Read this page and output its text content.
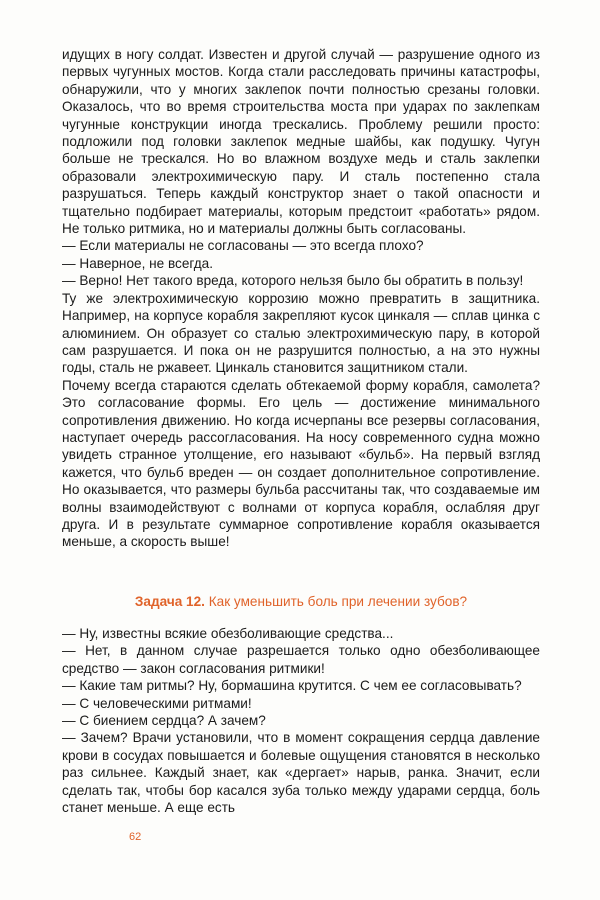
идущих в ногу солдат. Известен и другой случай — разрушение одного из первых чугунных мостов. Когда стали расследовать причины катастрофы, обнаружили, что у многих заклепок почти полностью срезаны головки. Оказалось, что во время строительства моста при ударах по заклепкам чугунные конструкции иногда трескались. Проблему решили просто: подложили под головки заклепок медные шайбы, как подушку. Чугун больше не трескался. Но во влажном воздухе медь и сталь заклепки образовали электрохимическую пару. И сталь постепенно стала разрушаться. Теперь каждый конструктор знает о такой опасности и тщательно подбирает материалы, которым предстоит «работать» рядом. Не только ритмика, но и материалы должны быть согласованы.

— Если материалы не согласованы — это всегда плохо?

— Наверное, не всегда.

— Верно! Нет такого вреда, которого нельзя было бы обратить в пользу!

Ту же электрохимическую коррозию можно превратить в защитника. Например, на корпусе корабля закрепляют кусок цинкаля — сплав цинка с алюминием. Он образует со сталью электрохимическую пару, в которой сам разрушается. И пока он не разрушится полностью, а на это нужны годы, сталь не ржавеет. Цинкаль становится защитником стали.

Почему всегда стараются сделать обтекаемой форму корабля, самолета? Это согласование формы. Его цель — достижение минимального сопротивления движению. Но когда исчерпаны все резервы согласования, наступает очередь рассогласования. На носу современного судна можно увидеть странное утолщение, его называют «бульб». На первый взгляд кажется, что бульб вреден — он создает дополнительное сопротивление. Но оказывается, что размеры бульба рассчитаны так, что создаваемые им волны взаимодействуют с волнами от корпуса корабля, ослабляя друг друга. И в результате суммарное сопротивление корабля оказывается меньше, а скорость выше!

Задача 12. Как уменьшить боль при лечении зубов?

— Ну, известны всякие обезболивающие средства...

— Нет, в данном случае разрешается только одно обезболивающее средство — закон согласования ритмики!

— Какие там ритмы? Ну, бормашина крутится. С чем ее согласовывать?

— С человеческими ритмами!

— С биением сердца? А зачем?

— Зачем? Врачи установили, что в момент сокращения сердца давление крови в сосудах повышается и болевые ощущения становятся в несколько раз сильнее. Каждый знает, как «дергает» нарыв, ранка. Значит, если сделать так, чтобы бор касался зуба только между ударами сердца, боль станет меньше. А еще есть

62
